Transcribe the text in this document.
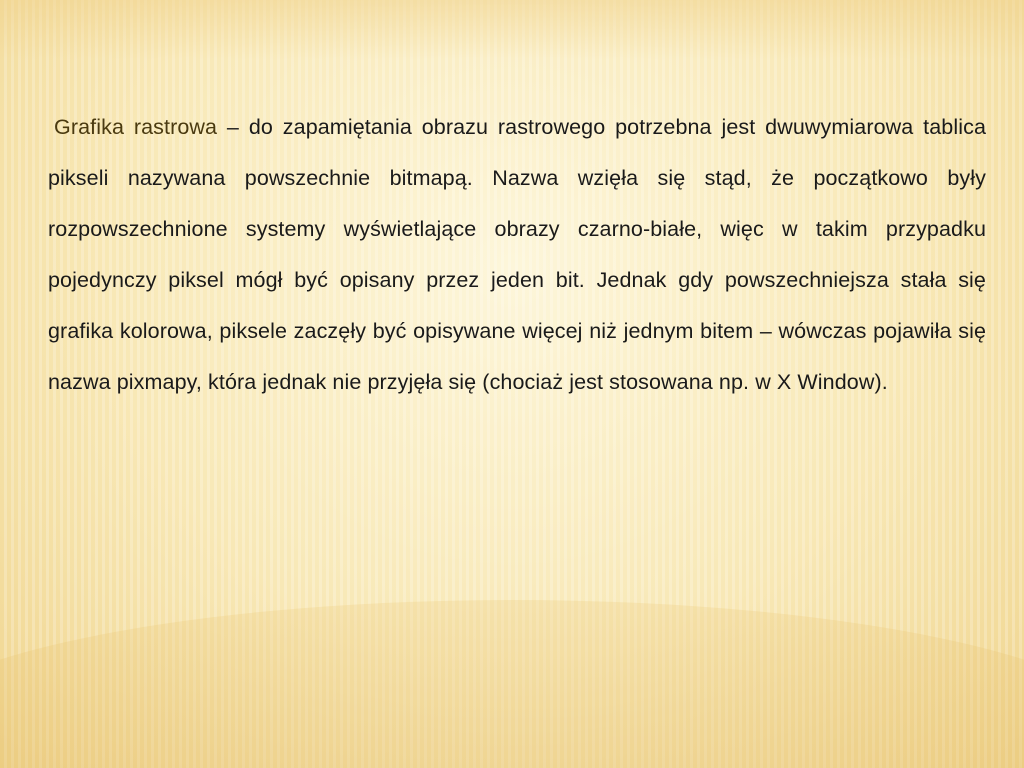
Grafika rastrowa – do zapamiętania obrazu rastrowego potrzebna jest dwuwymiarowa tablica pikseli nazywana powszechnie bitmapą. Nazwa wzięła się stąd, że początkowo były rozpowszechnione systemy wyświetlające obrazy czarno-białe, więc w takim przypadku pojedynczy piksel mógł być opisany przez jeden bit. Jednak gdy powszechniejsza stała się grafika kolorowa, piksele zaczęły być opisywane więcej niż jednym bitem – wówczas pojawiła się nazwa pixmapy, która jednak nie przyjęła się (chociaż jest stosowana np. w X Window).
